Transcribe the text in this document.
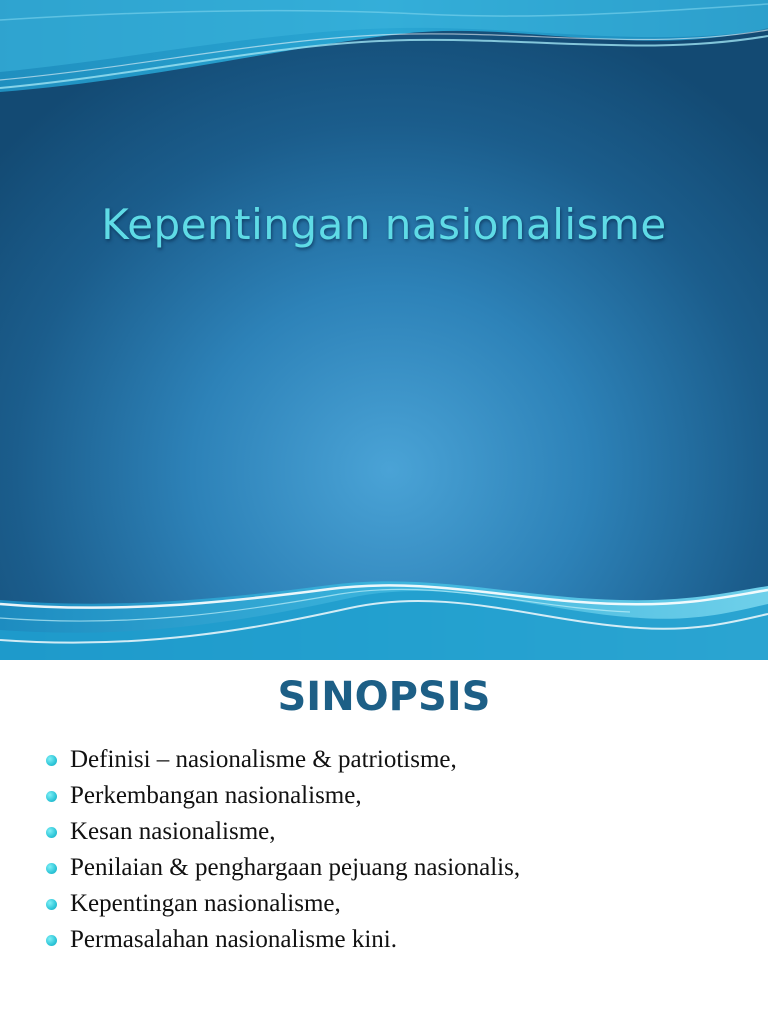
Kepentingan nasionalisme
SINOPSIS
Definisi – nasionalisme & patriotisme,
Perkembangan nasionalisme,
Kesan nasionalisme,
Penilaian & penghargaan pejuang nasionalis,
Kepentingan nasionalisme,
Permasalahan nasionalisme kini.
